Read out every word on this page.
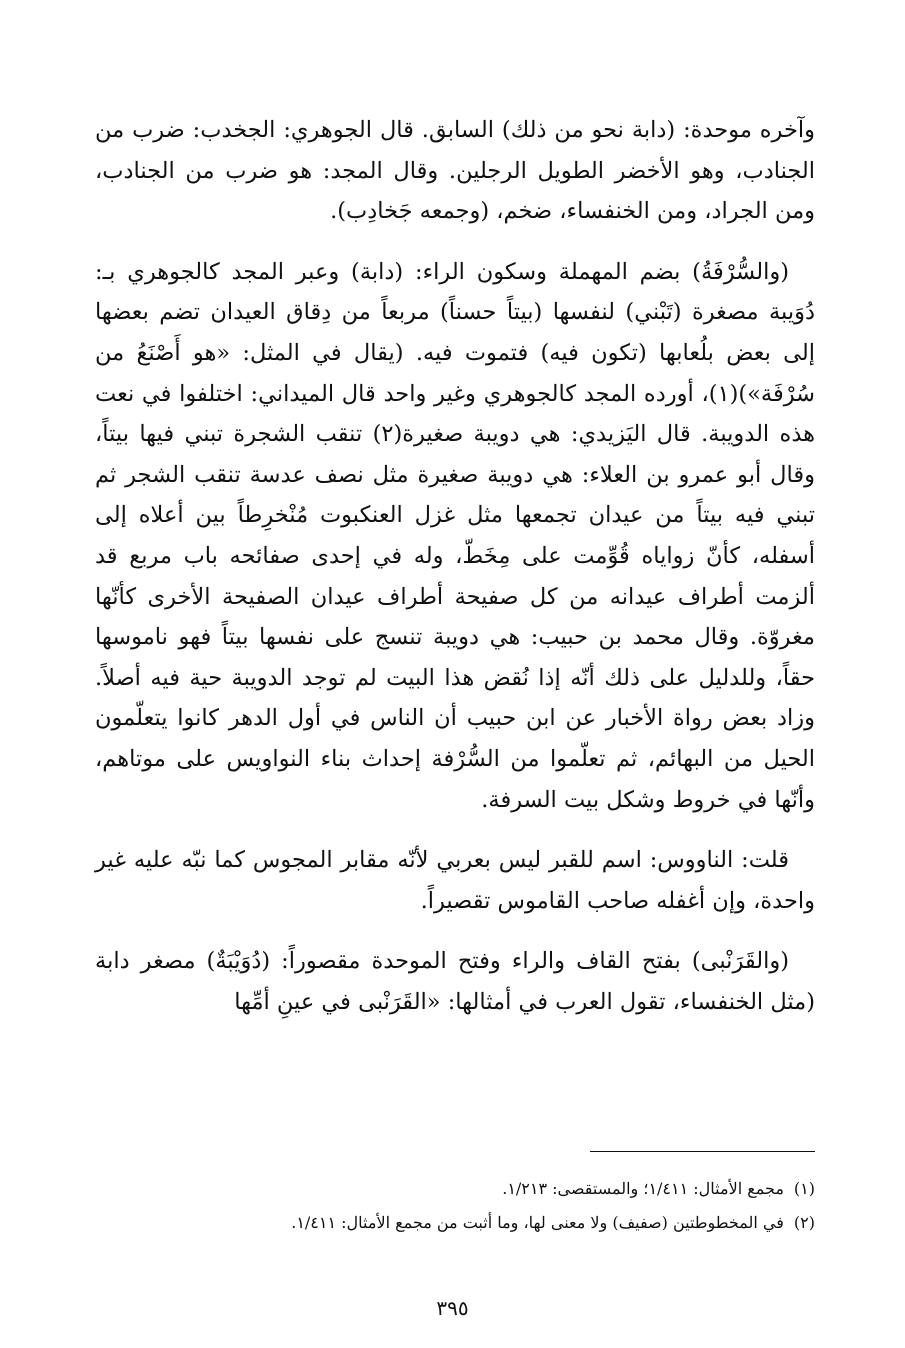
وآخره موحدة: (دابة نحو من ذلك) السابق. قال الجوهري: الجخدب: ضرب من الجنادب، وهو الأخضر الطويل الرجلين. وقال المجد: هو ضرب من الجنادب، ومن الجراد، ومن الخنفساء، ضخم، (وجمعه جَخادِب).

(والسُّرْفَةُ) بضم المهملة وسكون الراء: (دابة) وعبر المجد كالجوهري بـ: دُوَيبة مصغرة (تَبْني) لنفسها (بيتاً حسناً) مربعاً من دِقاق العيدان تضم بعضها إلى بعض بلُعابها (تكون فيه) فتموت فيه. (يقال في المثل: «هو أَصْنَعُ من سُرْفَة»)(١)، أورده المجد كالجوهري وغير واحد قال الميداني: اختلفوا في نعت هذه الدويبة. قال اليَزيدي: هي دويبة صغيرة(٢) تنقب الشجرة تبني فيها بيتاً، وقال أبو عمرو بن العلاء: هي دويبة صغيرة مثل نصف عدسة تنقب الشجر ثم تبني فيه بيتاً من عيدان تجمعها مثل غزل العنكبوت مُنْخرِطاً بين أعلاه إلى أسفله، كأنّ زواياه قُوِّمت على مِخَطّ، وله في إحدى صفائحه باب مربع قد ألزمت أطراف عيدانه من كل صفيحة أطراف عيدان الصفيحة الأخرى كأنّها مغروّة. وقال محمد بن حبيب: هي دويبة تنسج على نفسها بيتاً فهو ناموسها حقاً، وللدليل على ذلك أنّه إذا نُقض هذا البيت لم توجد الدويبة حية فيه أصلاً. وزاد بعض رواة الأخبار عن ابن حبيب أن الناس في أول الدهر كانوا يتعلّمون الحيل من البهائم، ثم تعلّموا من السُّرْفة إحداث بناء النواويس على موتاهم، وأنّها في خروط وشكل بيت السرفة.

قلت: الناووس: اسم للقبر ليس بعربي لأنّه مقابر المجوس كما نبّه عليه غير واحدة، وإن أغفله صاحب القاموس تقصيراً.

(والقَرَنْبى) بفتح القاف والراء وفتح الموحدة مقصوراً: (دُوَيْبَةٌ) مصغر دابة (مثل الخنفساء، تقول العرب في أمثالها: «القَرَنْبى في عينِ أمِّها

(١)مجمع الأمثال: ١/٤١١؛ والمستقصى: ١/٢١٣.
(٢)في المخطوطتين (صفيف) ولا معنى لها، وما أثبت من مجمع الأمثال: ١/٤١١.
٣٩٥
